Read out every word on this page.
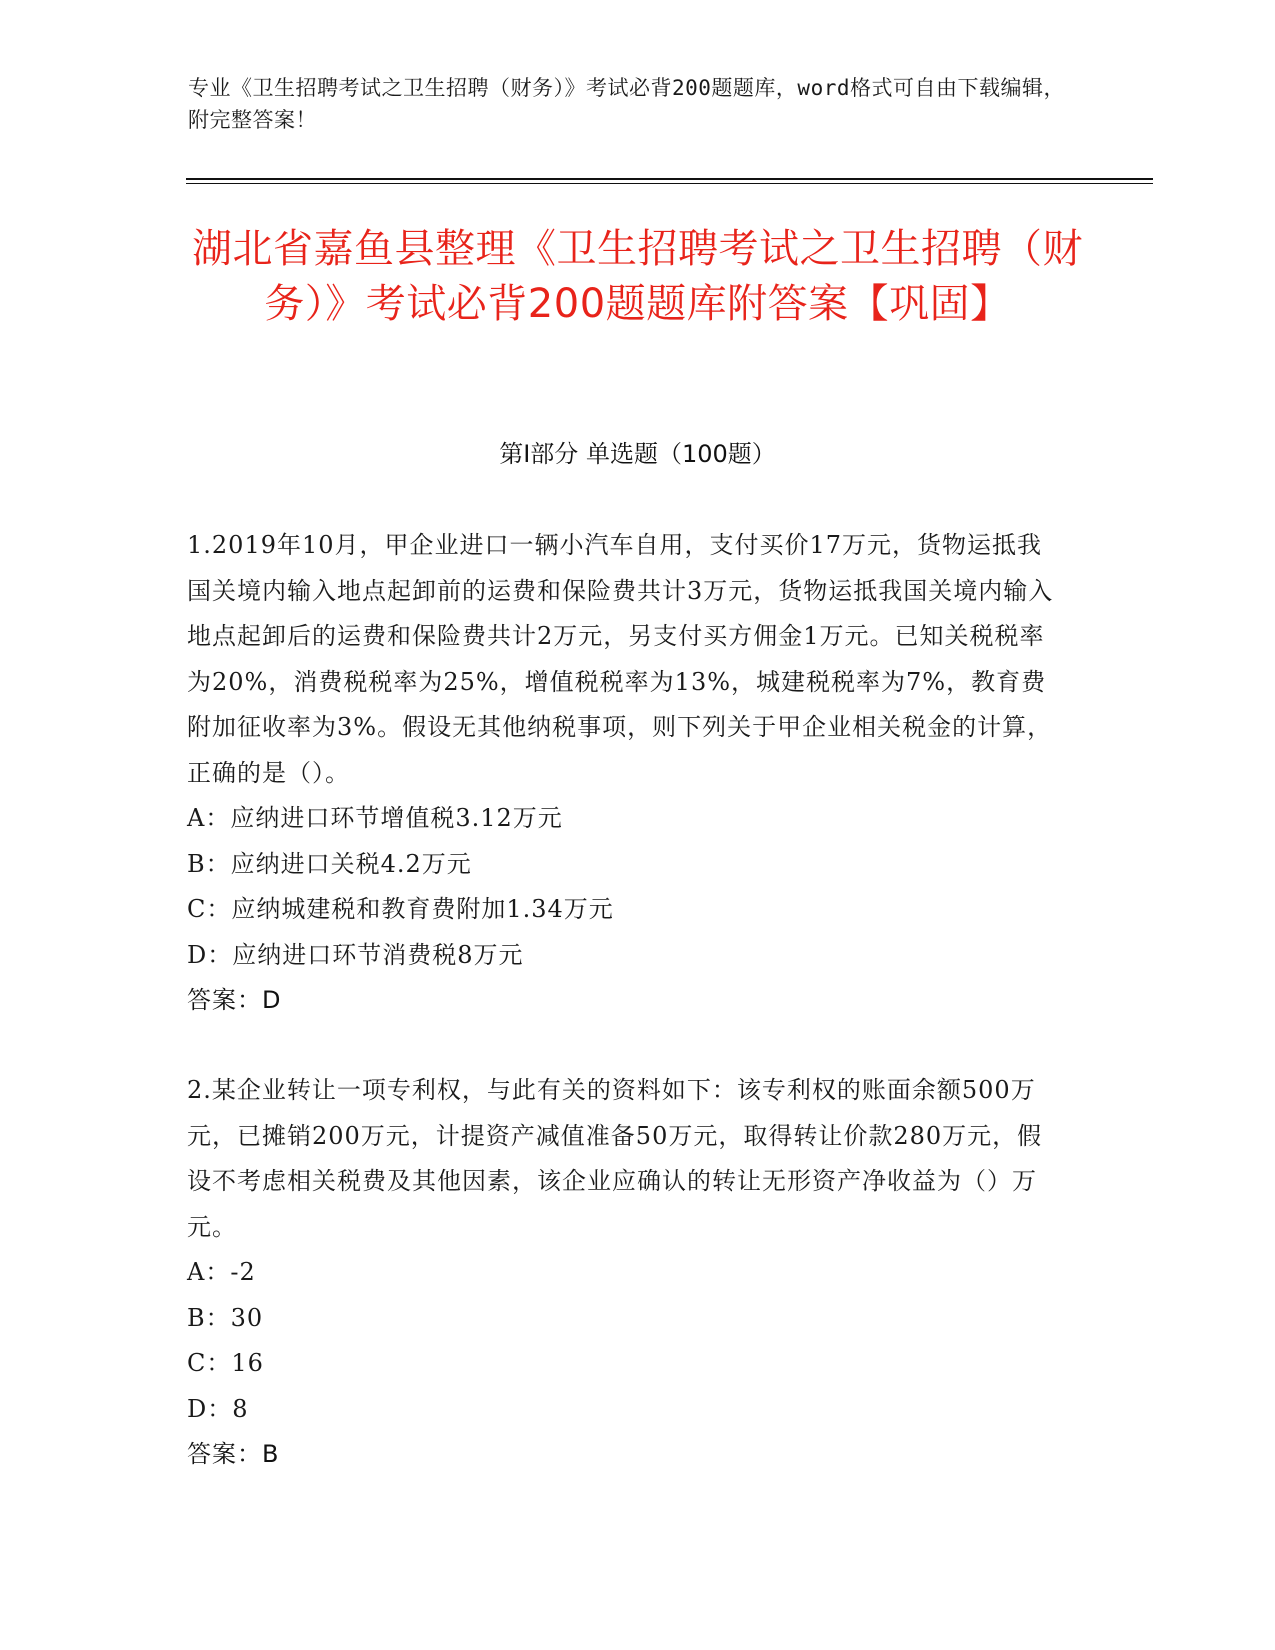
专业《卫生招聘考试之卫生招聘（财务）》考试必背200题题库，word格式可自由下载编辑，附完整答案！
湖北省嘉鱼县整理《卫生招聘考试之卫生招聘（财务）》考试必背200题题库附答案【巩固】
第I部分 单选题（100题）

1.2019年10月，甲企业进口一辆小汽车自用，支付买价17万元，货物运抵我国关境内输入地点起卸前的运费和保险费共计3万元，货物运抵我国关境内输入地点起卸后的运费和保险费共计2万元，另支付买方佣金1万元。已知关税税率为20%，消费税税率为25%，增值税税率为13%，城建税税率为7%，教育费附加征收率为3%。假设无其他纳税事项，则下列关于甲企业相关税金的计算，正确的是（）。

A：应纳进口环节增值税3.12万元

B：应纳进口关税4.2万元

C：应纳城建税和教育费附加1.34万元

D：应纳进口环节消费税8万元

答案：D

2.某企业转让一项专利权，与此有关的资料如下：该专利权的账面余额500万元，已摊销200万元，计提资产减值准备50万元，取得转让价款280万元，假设不考虑相关税费及其他因素，该企业应确认的转让无形资产净收益为（）万元。

A：-2

B：30

C：16

D：8

答案：B
